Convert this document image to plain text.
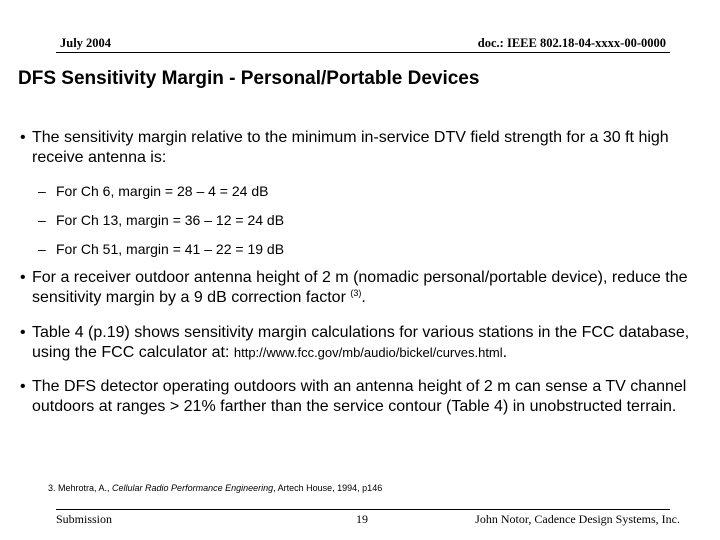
July 2004	doc.: IEEE 802.18-04-xxxx-00-0000
DFS Sensitivity Margin - Personal/Portable Devices
• The sensitivity margin relative to the minimum in-service DTV field strength for a 30 ft high receive antenna is:
– For Ch 6, margin = 28 – 4 = 24 dB
– For Ch 13, margin = 36 – 12 = 24 dB
– For Ch 51, margin = 41 – 22 = 19 dB
• For a receiver outdoor antenna height of 2 m (nomadic personal/portable device), reduce the sensitivity margin by a 9 dB correction factor $^{(3)}$.
• Table 4 (p.19) shows sensitivity margin calculations for various stations in the FCC database, using the FCC calculator at: http://www.fcc.gov/mb/audio/bickel/curves.html.
• The DFS detector operating outdoors with an antenna height of 2 m can sense a TV channel outdoors at ranges > 21% farther than the service contour (Table 4) in unobstructed terrain.
3. Mehrotra, A., Cellular Radio Performance Engineering, Artech House, 1994, p146
Submission	19	John Notor, Cadence Design Systems, Inc.
